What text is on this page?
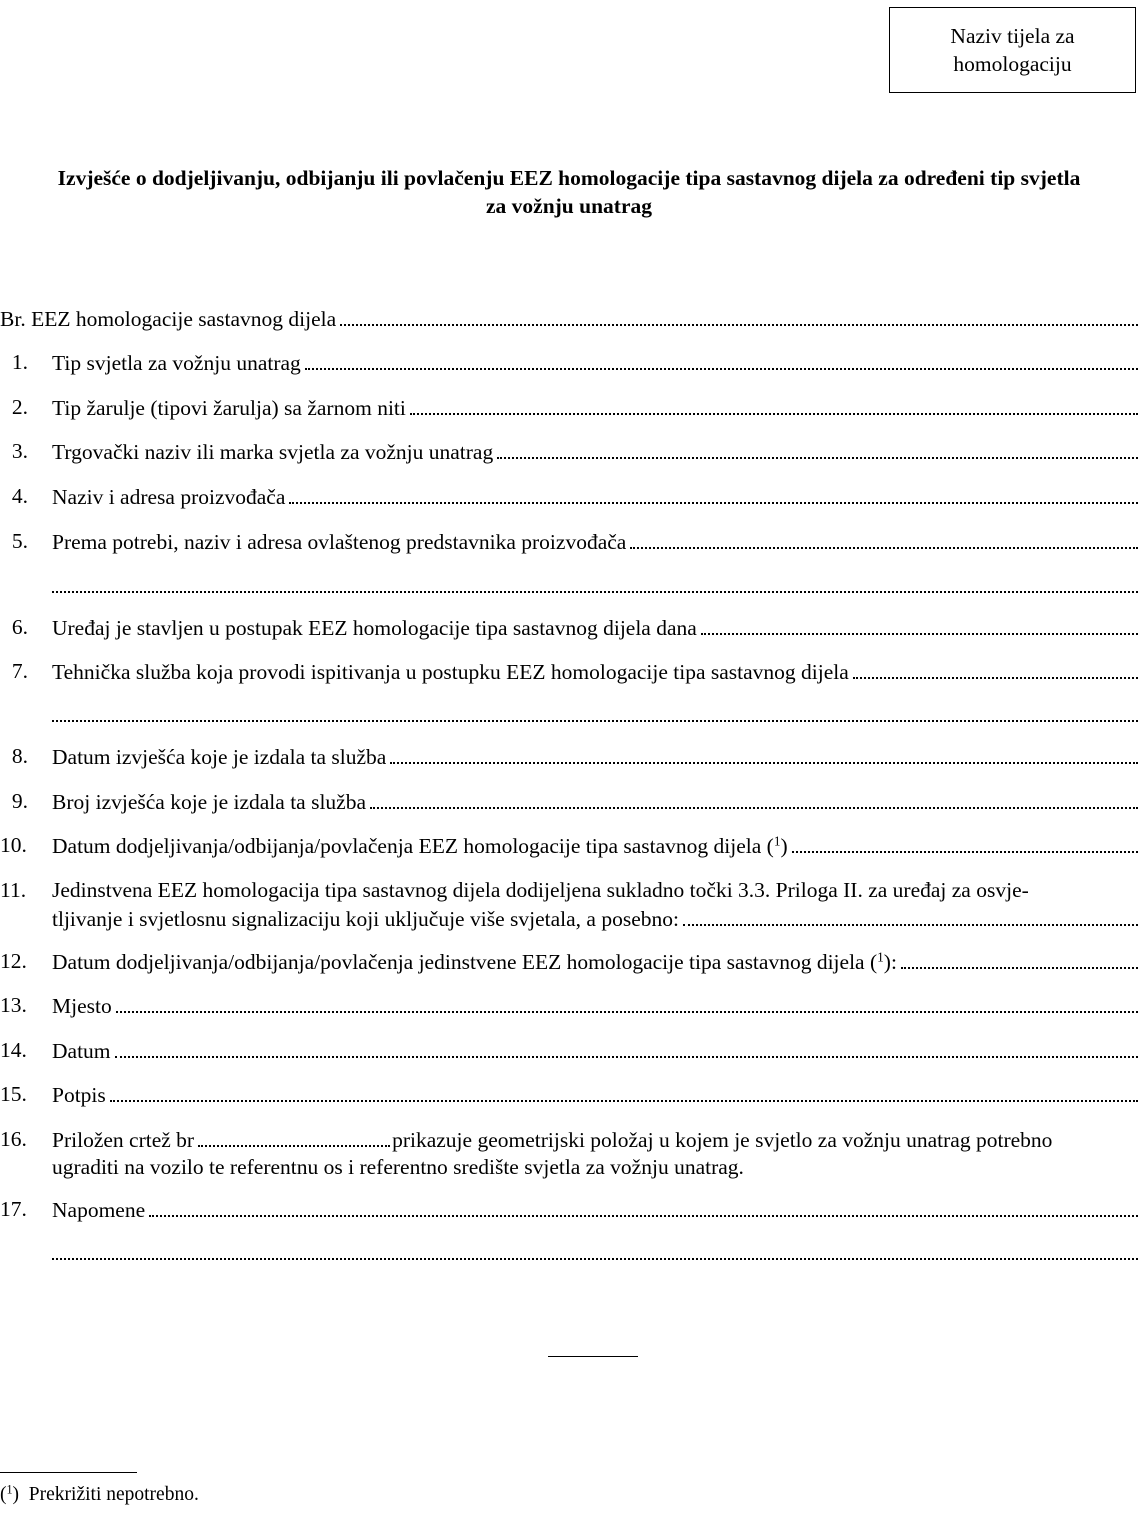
Naziv tijela za
homologaciju
Izvješće o dodjeljivanju, odbijanju ili povlačenju EEZ homologacije tipa sastavnog dijela za određeni tip svjetla
za vožnju unatrag
Br. EEZ homologacije sastavnog dijela
1. Tip svjetla za vožnju unatrag
2. Tip žarulje (tipovi žarulja) sa žarnom niti
3. Trgovački naziv ili marka svjetla za vožnju unatrag
4. Naziv i adresa proizvođača
5. Prema potrebi, naziv i adresa ovlaštenog predstavnika proizvođača
6. Uređaj je stavljen u postupak EEZ homologacije tipa sastavnog dijela dana
7. Tehnička služba koja provodi ispitivanja u postupku EEZ homologacije tipa sastavnog dijela
8. Datum izvješća koje je izdala ta služba
9. Broj izvješća koje je izdala ta služba
10.	Datum dodjeljivanja/odbijanja/povlačenja EEZ homologacije tipa sastavnog dijela ($^1$)
11.	Jedinstvena EEZ homologacija tipa sastavnog dijela dodijeljena sukladno točki 3.3. Priloga II. za uređaj za osvje-
tljivanje i svjetlosnu signalizaciju koji uključuje više svjetala, a posebno:
12.	Datum dodjeljivanja/odbijanja/povlačenja jedinstvene EEZ homologacije tipa sastavnog dijela ($^1$):
13.	Mjesto
14.	Datum
15.	Potpis
16.	Priložen crtež br	prikazuje geometrijski položaj u kojem je svjetlo za vožnju unatrag potrebno
ugraditi na vozilo te referentnu os i referentno središte svjetla za vožnju unatrag.
17.	Napomene
($^1$)  Prekrižiti nepotrebno.
